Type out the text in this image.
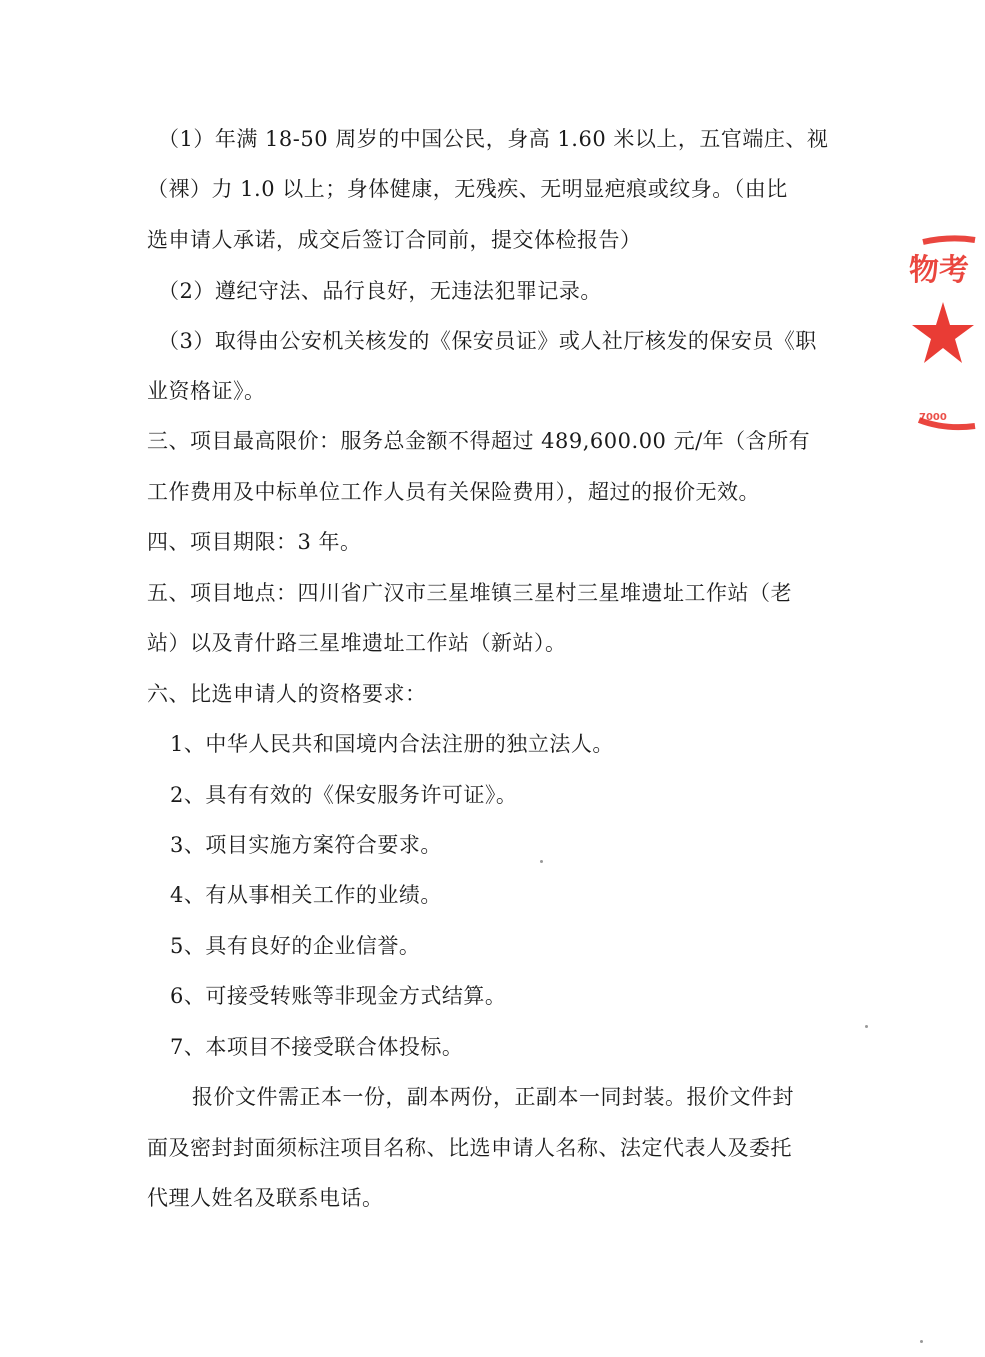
（1）年满 18-50 周岁的中国公民，身高 1.60 米以上，五官端庄、视
（裸）力 1.0 以上；身体健康，无残疾、无明显疤痕或纹身。（由比
选申请人承诺，成交后签订合同前，提交体检报告）
（2）遵纪守法、品行良好，无违法犯罪记录。
（3）取得由公安机关核发的《保安员证》或人社厅核发的保安员《职
业资格证》。
三、项目最高限价：服务总金额不得超过 489,600.00 元/年（含所有
工作费用及中标单位工作人员有关保险费用），超过的报价无效。
四、项目期限：3 年。
五、项目地点：四川省广汉市三星堆镇三星村三星堆遗址工作站（老
站）以及青什路三星堆遗址工作站（新站）。
六、比选申请人的资格要求：
1、中华人民共和国境内合法注册的独立法人。
2、具有有效的《保安服务许可证》。
3、项目实施方案符合要求。
4、有从事相关工作的业绩。
5、具有良好的企业信誉。
6、可接受转账等非现金方式结算。
7、本项目不接受联合体投标。
报价文件需正本一份，副本两份，正副本一同封装。报价文件封
面及密封封面须标注项目名称、比选申请人名称、法定代表人及委托
代理人姓名及联系电话。
物考
7000
